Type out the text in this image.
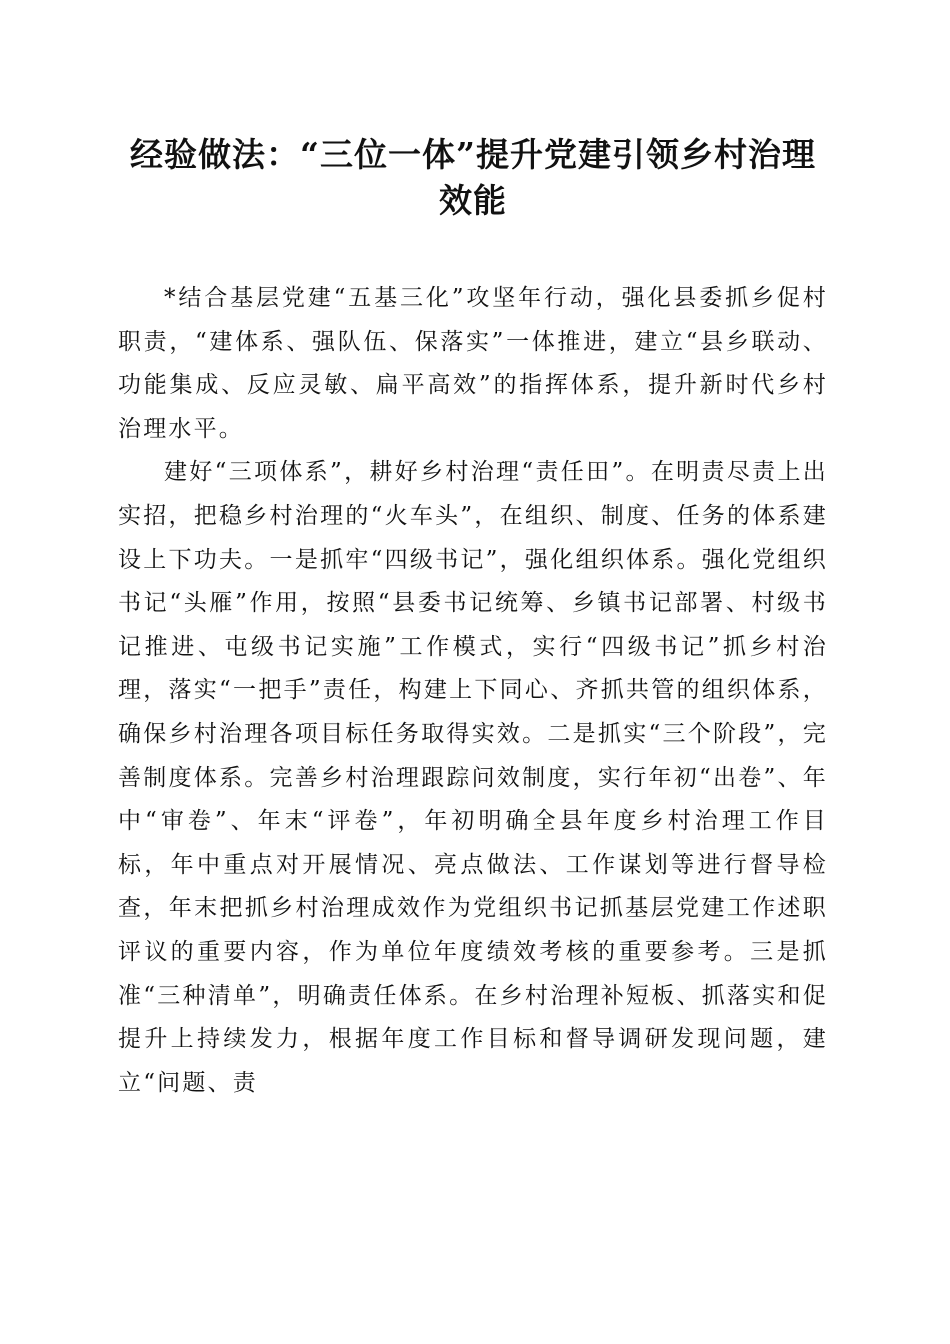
经验做法：“三位一体”提升党建引领乡村治理效能

*结合基层党建“五基三化”攻坚年行动，强化县委抓乡促村职责，“建体系、强队伍、保落实”一体推进，建立“县乡联动、功能集成、反应灵敏、扁平高效”的指挥体系，提升新时代乡村治理水平。

建好“三项体系”，耕好乡村治理“责任田”。在明责尽责上出实招，把稳乡村治理的“火车头”，在组织、制度、任务的体系建设上下功夫。一是抓牢“四级书记”，强化组织体系。强化党组织书记“头雁”作用，按照“县委书记统筹、乡镇书记部署、村级书记推进、屯级书记实施”工作模式，实行“四级书记”抓乡村治理，落实“一把手”责任，构建上下同心、齐抓共管的组织体系，确保乡村治理各项目标任务取得实效。二是抓实“三个阶段”，完善制度体系。完善乡村治理跟踪问效制度，实行年初“出卷”、年中“审卷”、年末“评卷”，年初明确全县年度乡村治理工作目标，年中重点对开展情况、亮点做法、工作谋划等进行督导检查，年末把抓乡村治理成效作为党组织书记抓基层党建工作述职评议的重要内容，作为单位年度绩效考核的重要参考。三是抓准“三种清单”，明确责任体系。在乡村治理补短板、抓落实和促提升上持续发力，根据年度工作目标和督导调研发现问题，建立“问题、责
